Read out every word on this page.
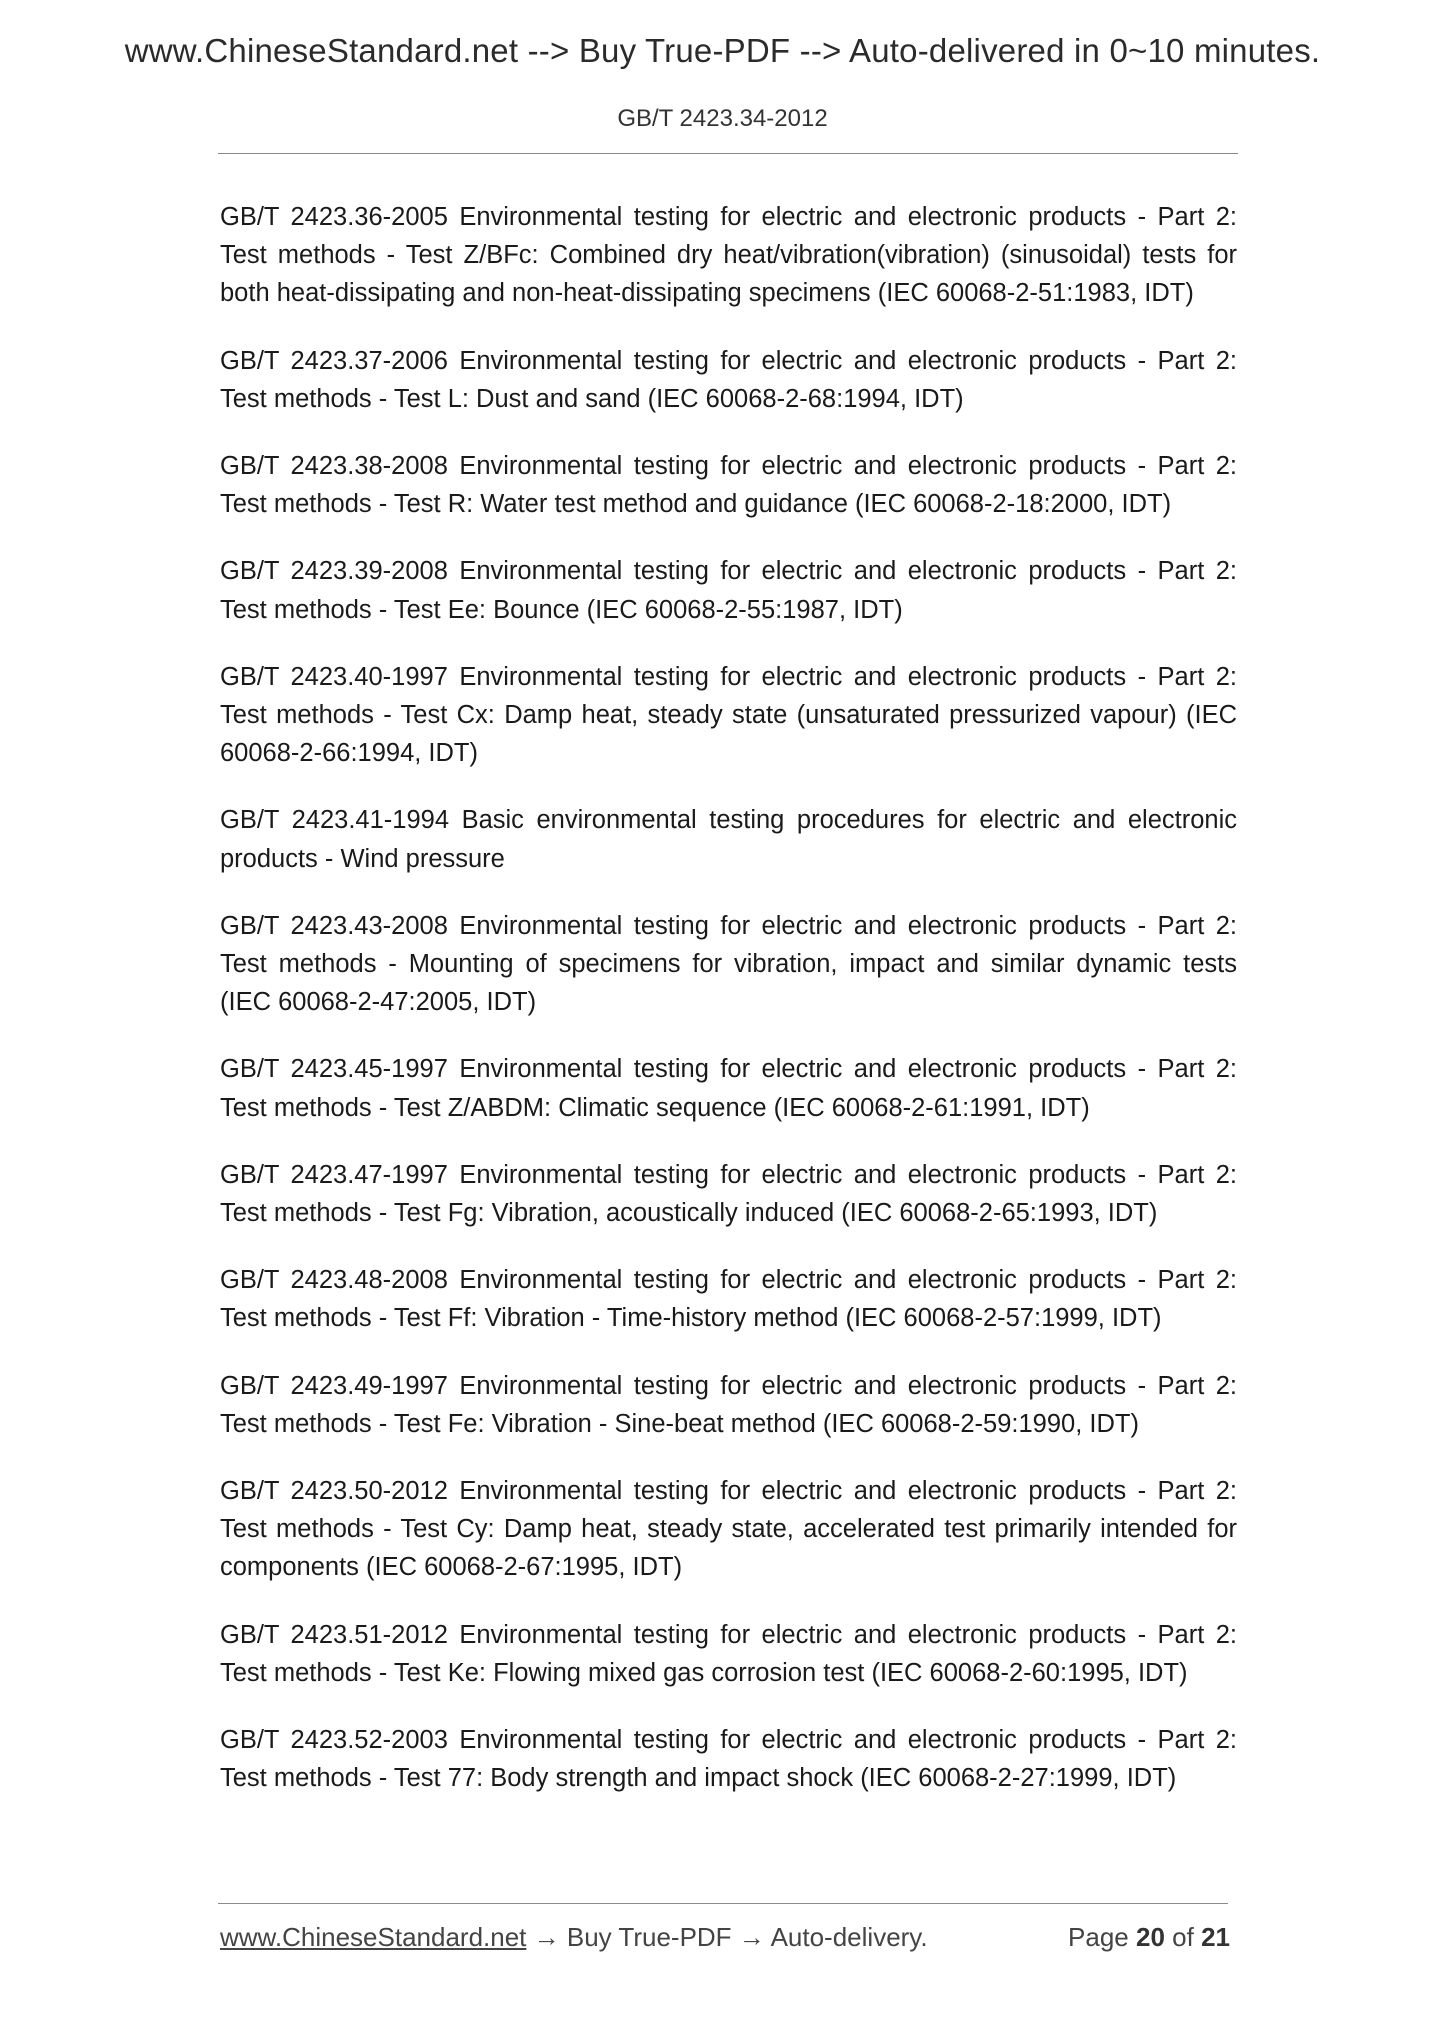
www.ChineseStandard.net --> Buy True-PDF --> Auto-delivered in 0~10 minutes.
GB/T 2423.34-2012
GB/T 2423.36-2005 Environmental testing for electric and electronic products - Part 2: Test methods - Test Z/BFc: Combined dry heat/vibration(vibration) (sinusoidal) tests for both heat-dissipating and non-heat-dissipating specimens (IEC 60068-2-51:1983, IDT)
GB/T 2423.37-2006 Environmental testing for electric and electronic products - Part 2: Test methods - Test L: Dust and sand (IEC 60068-2-68:1994, IDT)
GB/T 2423.38-2008 Environmental testing for electric and electronic products - Part 2: Test methods - Test R: Water test method and guidance (IEC 60068-2-18:2000, IDT)
GB/T 2423.39-2008 Environmental testing for electric and electronic products - Part 2: Test methods - Test Ee: Bounce (IEC 60068-2-55:1987, IDT)
GB/T 2423.40-1997 Environmental testing for electric and electronic products - Part 2: Test methods - Test Cx: Damp heat, steady state (unsaturated pressurized vapour) (IEC 60068-2-66:1994, IDT)
GB/T 2423.41-1994 Basic environmental testing procedures for electric and electronic products - Wind pressure
GB/T 2423.43-2008 Environmental testing for electric and electronic products - Part 2: Test methods - Mounting of specimens for vibration, impact and similar dynamic tests (IEC 60068-2-47:2005, IDT)
GB/T 2423.45-1997 Environmental testing for electric and electronic products - Part 2: Test methods - Test Z/ABDM: Climatic sequence (IEC 60068-2-61:1991, IDT)
GB/T 2423.47-1997 Environmental testing for electric and electronic products - Part 2: Test methods - Test Fg: Vibration, acoustically induced (IEC 60068-2-65:1993, IDT)
GB/T 2423.48-2008 Environmental testing for electric and electronic products - Part 2: Test methods - Test Ff: Vibration - Time-history method (IEC 60068-2-57:1999, IDT)
GB/T 2423.49-1997 Environmental testing for electric and electronic products - Part 2: Test methods - Test Fe: Vibration - Sine-beat method (IEC 60068-2-59:1990, IDT)
GB/T 2423.50-2012 Environmental testing for electric and electronic products - Part 2: Test methods - Test Cy: Damp heat, steady state, accelerated test primarily intended for components (IEC 60068-2-67:1995, IDT)
GB/T 2423.51-2012 Environmental testing for electric and electronic products - Part 2: Test methods - Test Ke: Flowing mixed gas corrosion test (IEC 60068-2-60:1995, IDT)
GB/T 2423.52-2003 Environmental testing for electric and electronic products - Part 2: Test methods - Test 77: Body strength and impact shock (IEC 60068-2-27:1999, IDT)
www.ChineseStandard.net → Buy True-PDF → Auto-delivery.	Page 20 of 21
